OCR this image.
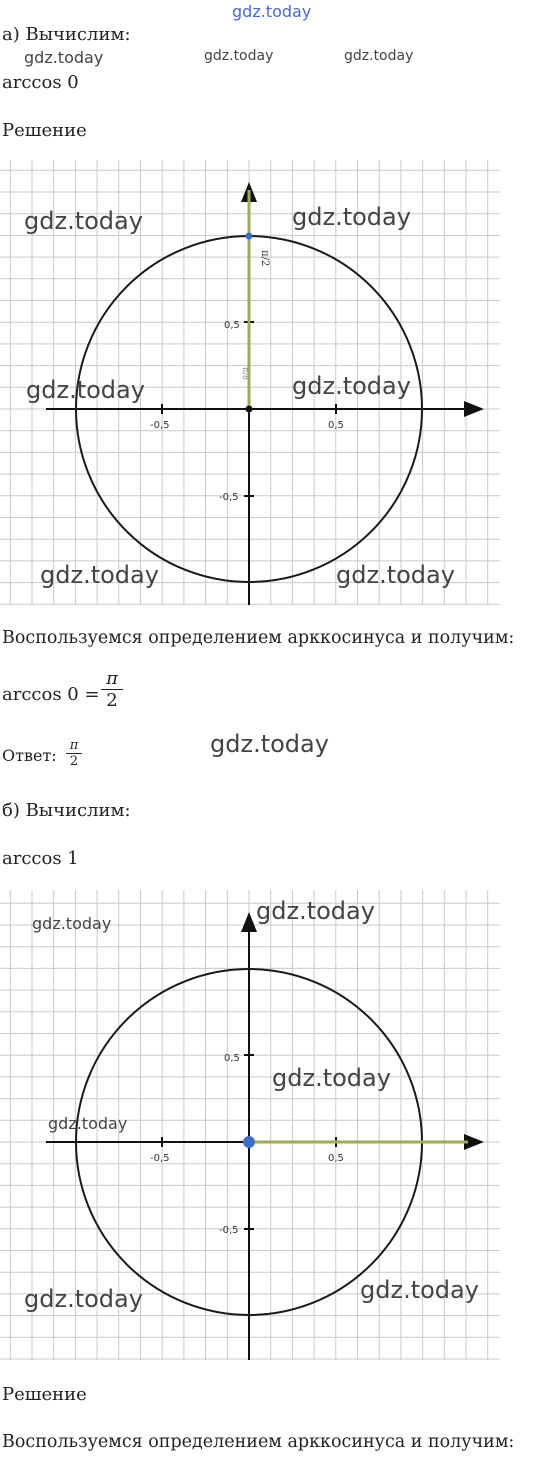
gdz.today
а) Вычислим:
gdz.today	gdz.today	gdz.today
arccos 0
Решение
-0,5	0,5
0,5
-0,5
π/2
π/8
gdz.today	gdz.today
gdz.today	gdz.today
gdz.today	gdz.today
Воспользуемся определением арккосинуса и получим:
arccos 0 =
π
2
Ответ:
π
2
gdz.today
б) Вычислим:
arccos 1
-0,5	0,5
0,5
-0,5
gdz.today	gdz.today
gdz.today
gdz.today
gdz.today	gdz.today
Решение
Воспользуемся определением арккосинуса и получим:
